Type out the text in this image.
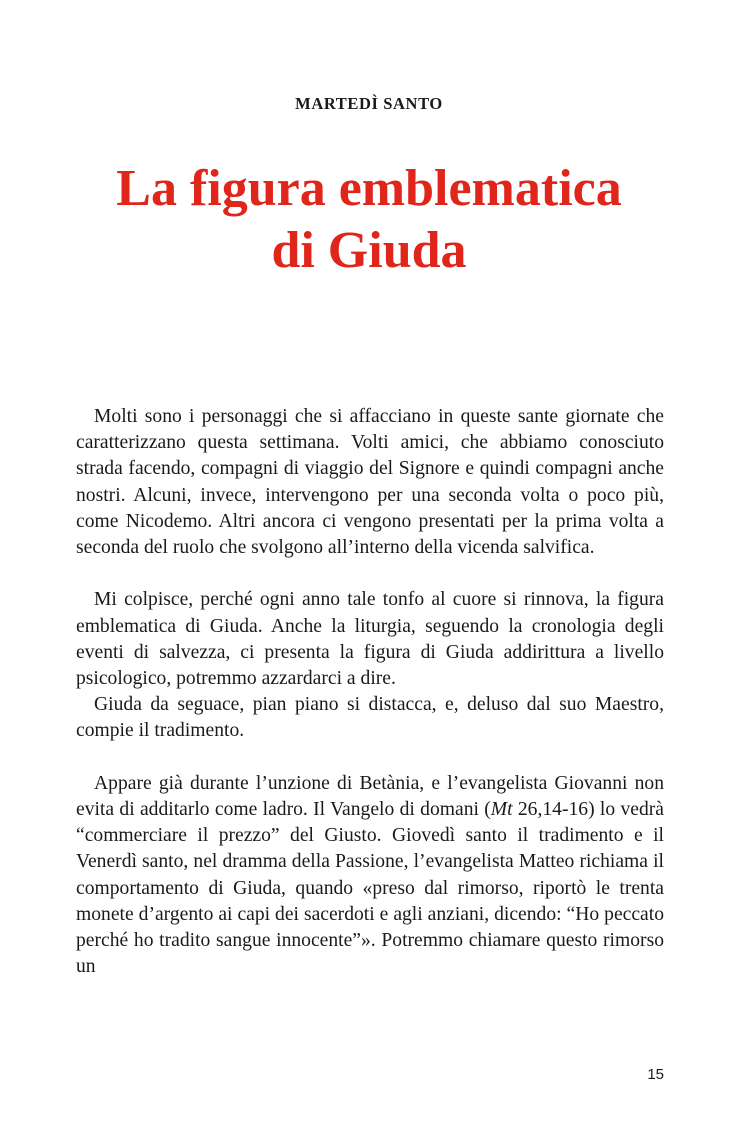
MARTEDÌ SANTO
La figura emblematica
di Giuda

Molti sono i personaggi che si affacciano in queste sante giornate che caratterizzano questa settimana. Volti amici, che abbiamo conosciuto strada facendo, compagni di viaggio del Signore e quindi compagni anche nostri. Alcuni, invece, intervengono per una seconda volta o poco più, come Nicodemo. Altri ancora ci vengono presentati per la prima volta a seconda del ruolo che svolgono all’interno della vicenda salvifica.

Mi colpisce, perché ogni anno tale tonfo al cuore si rinnova, la figura emblematica di Giuda. Anche la liturgia, seguendo la cronologia degli eventi di salvezza, ci presenta la figura di Giuda addirittura a livello psicologico, potremmo azzardarci a dire.

Giuda da seguace, pian piano si distacca, e, deluso dal suo Maestro, compie il tradimento.

Appare già durante l’unzione di Betània, e l’evangelista Giovanni non evita di additarlo come ladro. Il Vangelo di domani (Mt 26,14-16) lo vedrà “commerciare il prezzo” del Giusto. Giovedì santo il tradimento e il Venerdì santo, nel dramma della Passione, l’evangelista Matteo richiama il comportamento di Giuda, quando «preso dal rimorso, riportò le trenta monete d’argento ai capi dei sacerdoti e agli anziani, dicendo: “Ho peccato perché ho tradito sangue innocente”». Potremmo chiamare questo rimorso un

15
